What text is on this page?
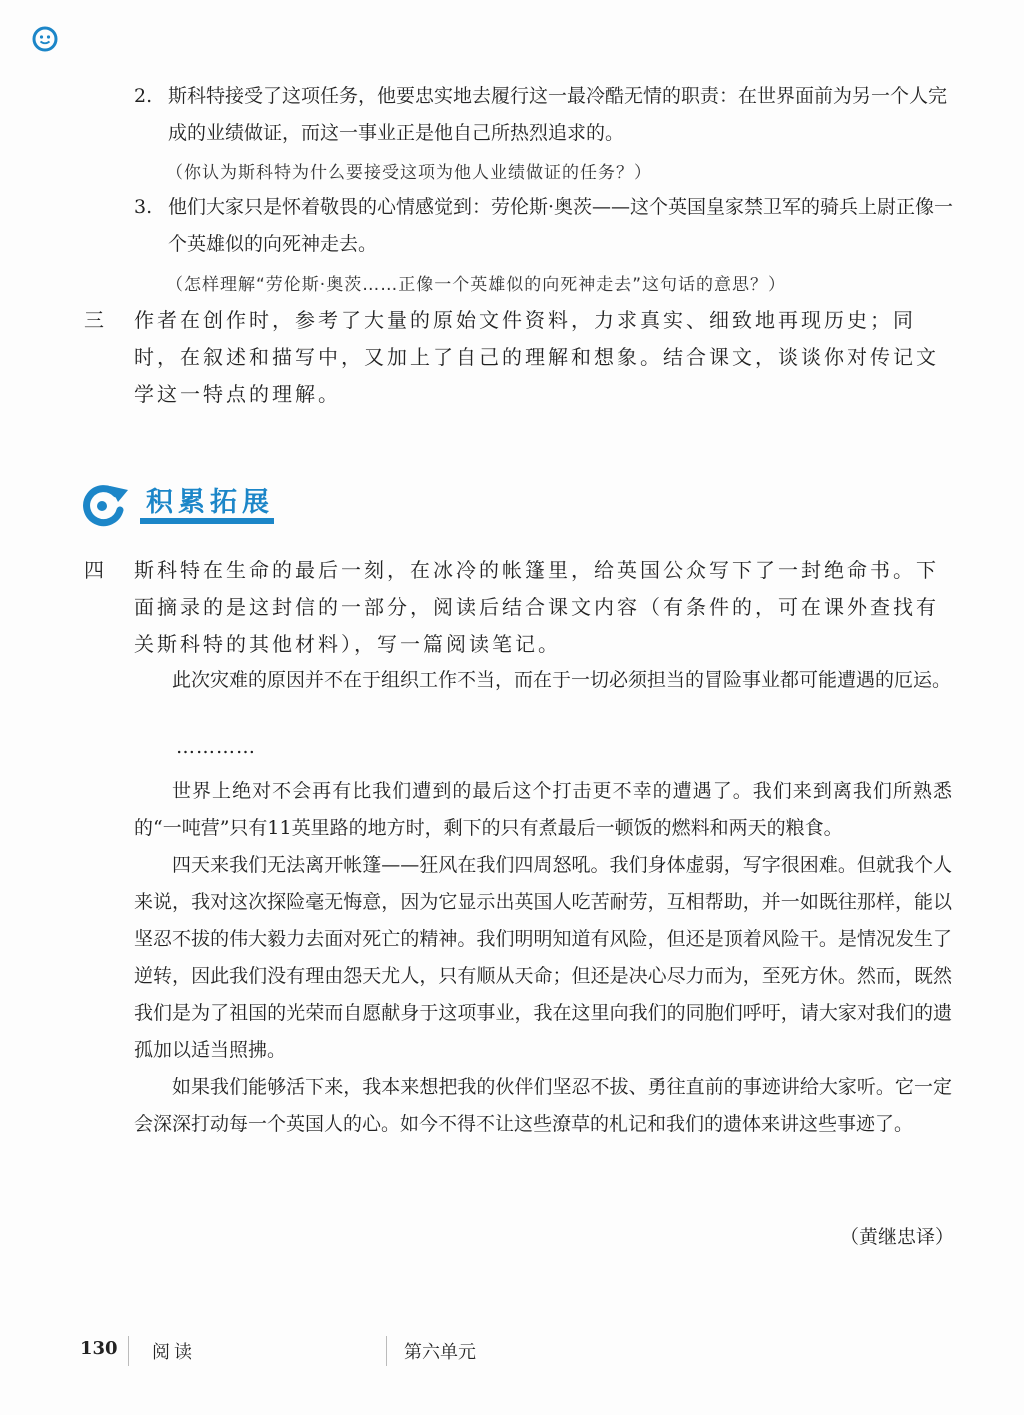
2. 斯科特接受了这项任务，他要忠实地去履行这一最冷酷无情的职责：在世界面前为另一个人完成的业绩做证，而这一事业正是他自己所热烈追求的。
（你认为斯科特为什么要接受这项为他人业绩做证的任务？）
3. 他们大家只是怀着敬畏的心情感觉到：劳伦斯·奥茨——这个英国皇家禁卫军的骑兵上尉正像一个英雄似的向死神走去。
（怎样理解“劳伦斯·奥茨……正像一个英雄似的向死神走去”这句话的意思？）
三	作者在创作时，参考了大量的原始文件资料，力求真实、细致地再现历史；同时，在叙述和描写中，又加上了自己的理解和想象。结合课文，谈谈你对传记文学这一特点的理解。
积累拓展
四	斯科特在生命的最后一刻，在冰冷的帐篷里，给英国公众写下了一封绝命书。下面摘录的是这封信的一部分，阅读后结合课文内容（有条件的，可在课外查找有关斯科特的其他材料），写一篇阅读笔记。

此次灾难的原因并不在于组织工作不当，而在于一切必须担当的冒险事业都可能遭遇的厄运。

…………

世界上绝对不会再有比我们遭到的最后这个打击更不幸的遭遇了。我们来到离我们所熟悉的“一吨营”只有11英里路的地方时，剩下的只有煮最后一顿饭的燃料和两天的粮食。

四天来我们无法离开帐篷——狂风在我们四周怒吼。我们身体虚弱，写字很困难。但就我个人来说，我对这次探险毫无悔意，因为它显示出英国人吃苦耐劳，互相帮助，并一如既往那样，能以坚忍不拔的伟大毅力去面对死亡的精神。我们明明知道有风险，但还是顶着风险干。是情况发生了逆转，因此我们没有理由怨天尤人，只有顺从天命；但还是决心尽力而为，至死方休。然而，既然我们是为了祖国的光荣而自愿献身于这项事业，我在这里向我们的同胞们呼吁，请大家对我们的遗孤加以适当照拂。

如果我们能够活下来，我本来想把我的伙伴们坚忍不拔、勇往直前的事迹讲给大家听。它一定会深深打动每一个英国人的心。如今不得不让这些潦草的札记和我们的遗体来讲这些事迹了。

（黄继忠译）
130 阅读	第六单元
